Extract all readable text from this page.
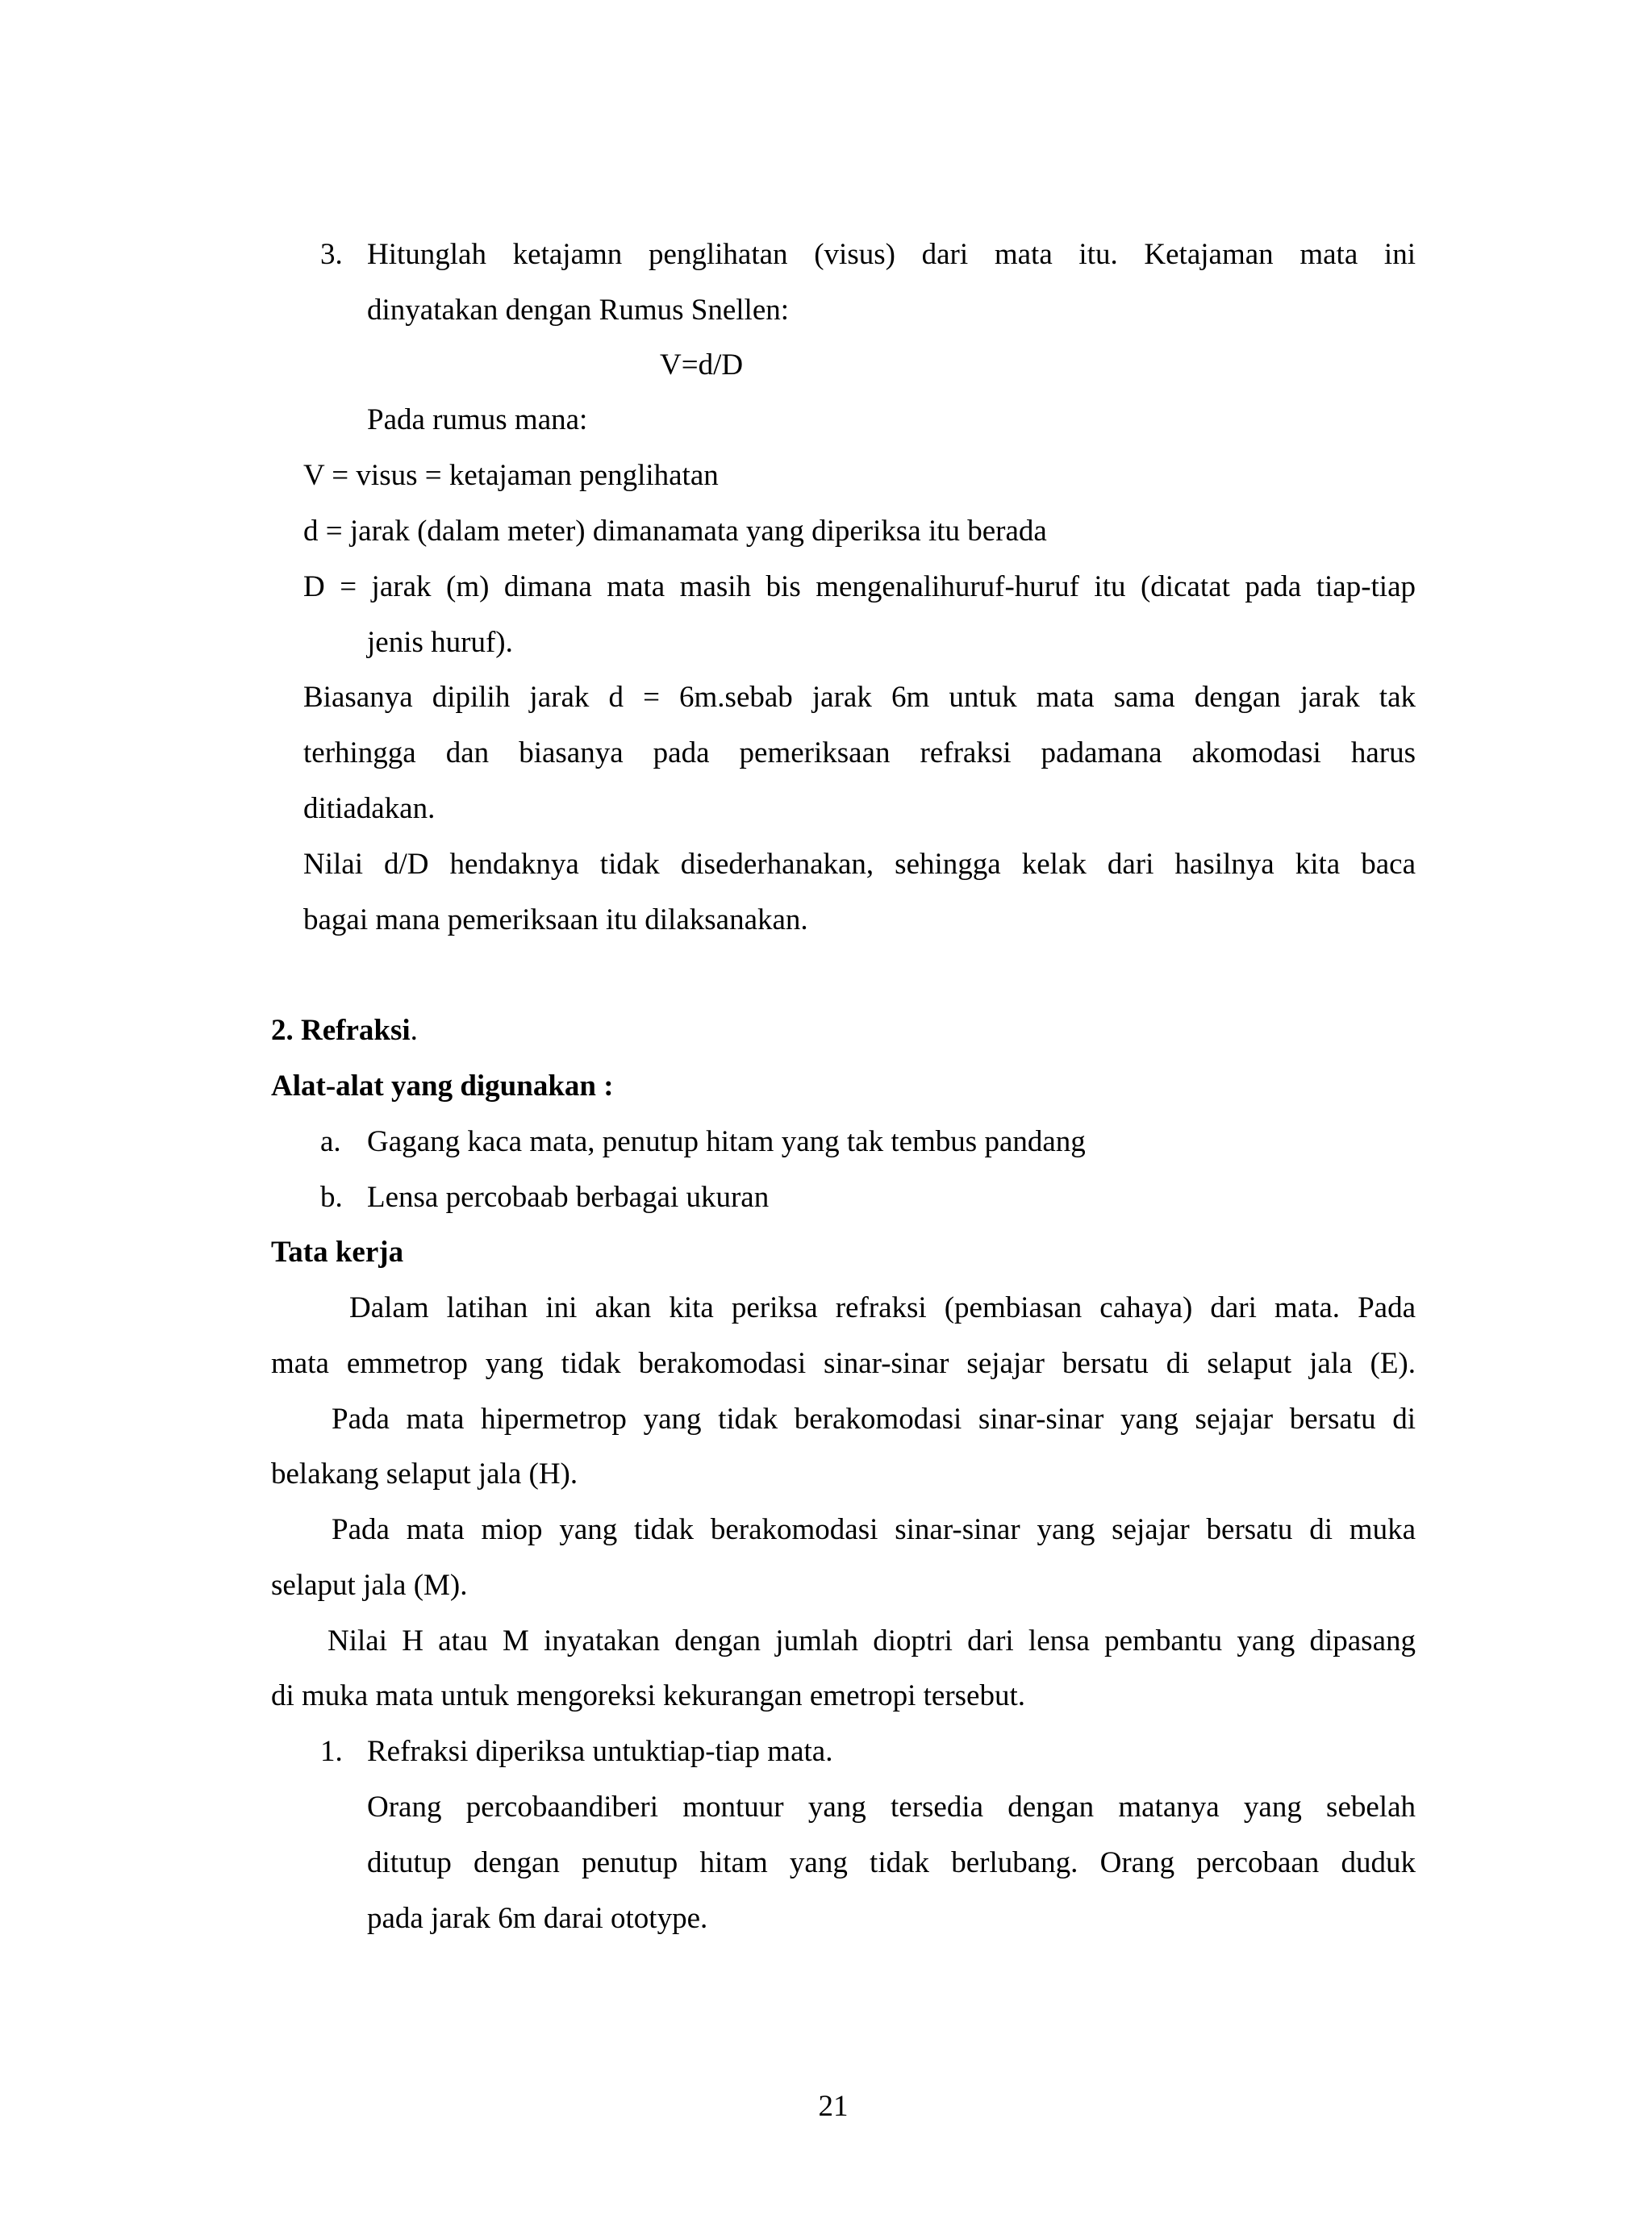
3. Hitunglah ketajamn penglihatan (visus) dari mata itu. Ketajaman mata ini
dinyatakan dengan Rumus Snellen:
V=d/D
Pada rumus mana:
V = visus = ketajaman penglihatan
d = jarak (dalam meter) dimanamata yang diperiksa itu berada
D = jarak (m) dimana mata masih bis mengenalihuruf-huruf itu (dicatat pada tiap-tiap
jenis huruf).
Biasanya dipilih jarak d = 6m.sebab jarak 6m untuk mata sama dengan jarak tak
terhingga dan biasanya pada pemeriksaan refraksi padamana akomodasi harus
ditiadakan.
Nilai d/D hendaknya tidak disederhanakan, sehingga kelak dari hasilnya kita baca
bagai mana pemeriksaan itu dilaksanakan.
2. Refraksi.
Alat-alat yang digunakan :
a. Gagang kaca mata, penutup hitam yang tak tembus pandang
b. Lensa percobaab berbagai ukuran
Tata kerja
Dalam latihan ini akan kita periksa refraksi (pembiasan cahaya) dari mata. Pada
mata emmetrop yang tidak berakomodasi sinar-sinar sejajar bersatu di selaput jala (E).
Pada mata hipermetrop yang tidak berakomodasi sinar-sinar yang sejajar bersatu di
belakang selaput jala (H).
Pada mata miop yang tidak berakomodasi sinar-sinar yang sejajar bersatu di muka
selaput jala (M).
Nilai H atau M inyatakan dengan jumlah dioptri dari lensa pembantu yang dipasang
di muka mata untuk mengoreksi kekurangan emetropi tersebut.
1. Refraksi diperiksa untuktiap-tiap mata.
Orang percobaandiberi montuur yang tersedia dengan matanya yang sebelah
ditutup dengan penutup hitam yang tidak berlubang. Orang percobaan duduk
pada jarak 6m darai ototype.
21
